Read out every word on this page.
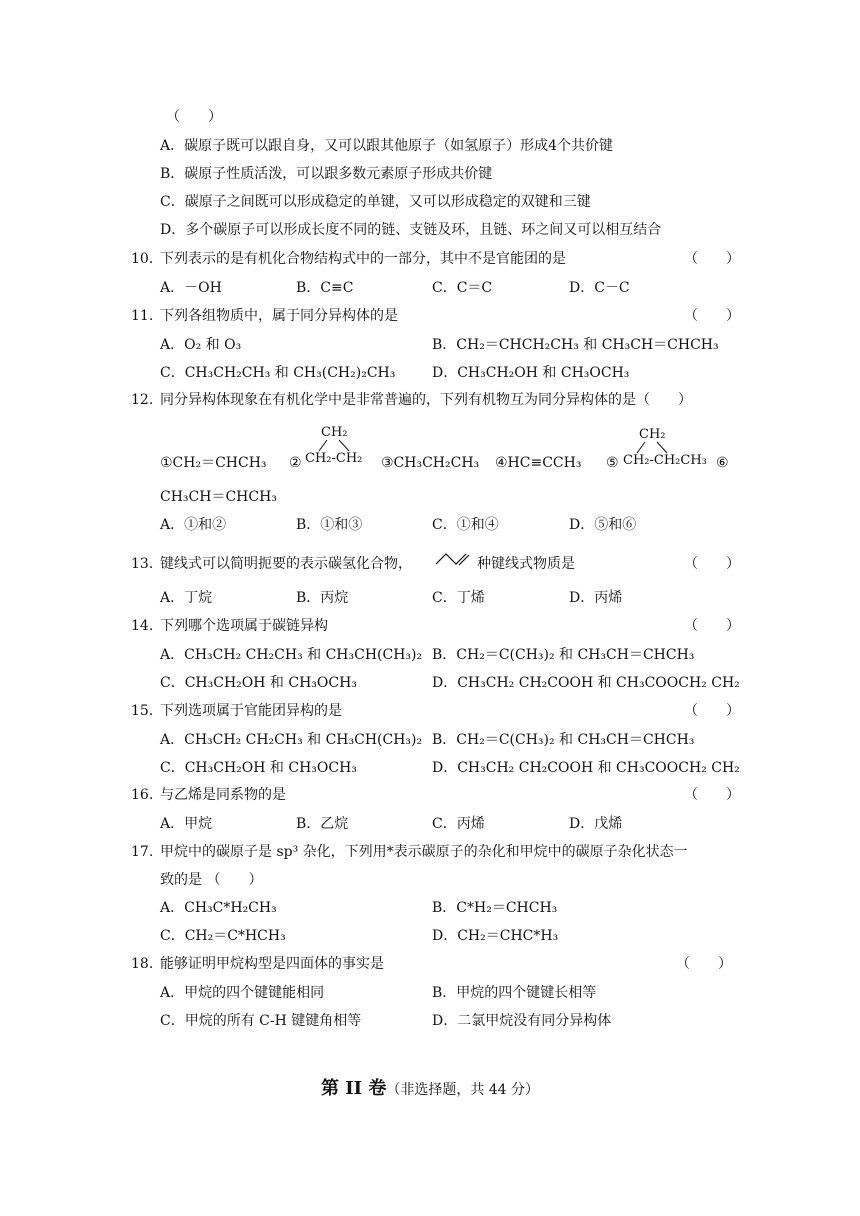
（　　）
A．碳原子既可以跟自身，又可以跟其他原子（如氢原子）形成4个共价键
B．碳原子性质活泼，可以跟多数元素原子形成共价键
C．碳原子之间既可以形成稳定的单键，又可以形成稳定的双键和三键
D．多个碳原子可以形成长度不同的链、支链及环，且链、环之间又可以相互结合
10. 下列表示的是有机化合物结构式中的一部分，其中不是官能团的是	（　　）
A．－OH	B．C≡C	C．C＝C	D．C－C
11. 下列各组物质中，属于同分异构体的是	（　　）
A．O₂ 和 O₃	B．CH₂＝CHCH₂CH₃ 和 CH₃CH＝CHCH₃
C．CH₃CH₂CH₃ 和 CH₃(CH₂)₂CH₃	D．CH₃CH₂OH 和 CH₃OCH₃
12. 同分异构体现象在有机化学中是非常普遍的，下列有机物互为同分异构体的是（　　）
①CH₂＝CHCH₃ ②
CH₂
CH₂-CH₂ ③CH₃CH₂CH₃ ④HC≡CCH₃ ⑤
CH₂
CH₂-CH₂CH₃ ⑥
CH₃CH＝CHCH₃
A．①和②	B．①和③	C．①和④	D．⑤和⑥
13. 键线式可以简明扼要的表示碳氢化合物，	种键线式物质是	（　　）
A．丁烷	B．丙烷	C．丁烯	D．丙烯
14. 下列哪个选项属于碳链异构	（　　）
A．CH₃CH₂ CH₂CH₃ 和 CH₃CH(CH₃)₂ B．CH₂＝C(CH₃)₂ 和 CH₃CH＝CHCH₃
C．CH₃CH₂OH 和 CH₃OCH₃	D．CH₃CH₂ CH₂COOH 和 CH₃COOCH₂ CH₂
15. 下列选项属于官能团异构的是	（　　）
A．CH₃CH₂ CH₂CH₃ 和 CH₃CH(CH₃)₂ B．CH₂＝C(CH₃)₂ 和 CH₃CH＝CHCH₃
C．CH₃CH₂OH 和 CH₃OCH₃	D．CH₃CH₂ CH₂COOH 和 CH₃COOCH₂ CH₂
16. 与乙烯是同系物的是	（　　）
A．甲烷	B．乙烷	C．丙烯	D．戊烯
17. 甲烷中的碳原子是 sp³ 杂化，下列用*表示碳原子的杂化和甲烷中的碳原子杂化状态一
致的是 （　　）
A．CH₃C*H₂CH₃	B．C*H₂＝CHCH₃
C．CH₂＝C*HCH₃	D．CH₂＝CHC*H₃
18. 能够证明甲烷构型是四面体的事实是	（　　）
A．甲烷的四个键键能相同	B．甲烷的四个键键长相等
C．甲烷的所有 C-H 键键角相等	D．二氯甲烷没有同分异构体
第 II 卷（非选择题，共 44 分）
